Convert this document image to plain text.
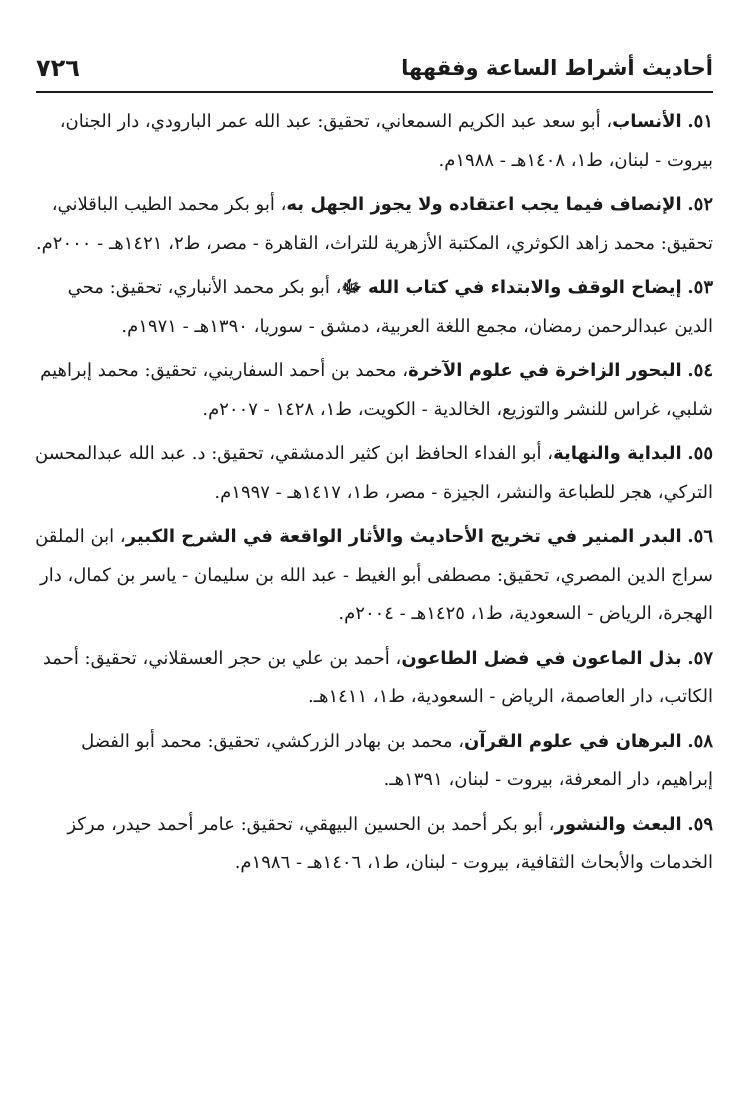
أحاديث أشراط الساعة وفقهها
٧٢٦
٥١. الأنساب، أبو سعد عبد الكريم السمعاني، تحقيق: عبد الله عمر البارودي، دار الجنان، بيروت - لبنان، ط١، ١٤٠٨هـ - ١٩٨٨م.
٥٢. الإنصاف فيما يجب اعتقاده ولا يجوز الجهل به، أبو بكر محمد الطيب الباقلاني، تحقيق: محمد زاهد الكوثري، المكتبة الأزهرية للتراث، القاهرة - مصر، ط٢، ١٤٢١هـ - ٢٠٠٠م.
٥٣. إيضاح الوقف والابتداء في كتاب الله ﷻ، أبو بكر محمد الأنباري، تحقيق: محي الدين عبدالرحمن رمضان، مجمع اللغة العربية، دمشق - سوريا، ١٣٩٠هـ - ١٩٧١م.
٥٤. البحور الزاخرة في علوم الآخرة، محمد بن أحمد السفاريني، تحقيق: محمد إبراهيم شلبي، غراس للنشر والتوزيع، الخالدية - الكويت، ط١، ١٤٢٨ - ٢٠٠٧م.
٥٥. البداية والنهاية، أبو الفداء الحافظ ابن كثير الدمشقي، تحقيق: د. عبد الله عبدالمحسن التركي، هجر للطباعة والنشر، الجيزة - مصر، ط١، ١٤١٧هـ - ١٩٩٧م.
٥٦. البدر المنير في تخريج الأحاديث والأثار الواقعة في الشرح الكبير، ابن الملقن سراج الدين المصري، تحقيق: مصطفى أبو الغيط - عبد الله بن سليمان - ياسر بن كمال، دار الهجرة، الرياض - السعودية، ط١، ١٤٢٥هـ - ٢٠٠٤م.
٥٧. بذل الماعون في فضل الطاعون، أحمد بن علي بن حجر العسقلاني، تحقيق: أحمد الكاتب، دار العاصمة، الرياض - السعودية، ط١، ١٤١١هـ.
٥٨. البرهان في علوم القرآن، محمد بن بهادر الزركشي، تحقيق: محمد أبو الفضل إبراهيم، دار المعرفة، بيروت - لبنان، ١٣٩١هـ.
٥٩. البعث والنشور، أبو بكر أحمد بن الحسين البيهقي، تحقيق: عامر أحمد حيدر، مركز الخدمات والأبحاث الثقافية، بيروت - لبنان، ط١، ١٤٠٦هـ - ١٩٨٦م.
